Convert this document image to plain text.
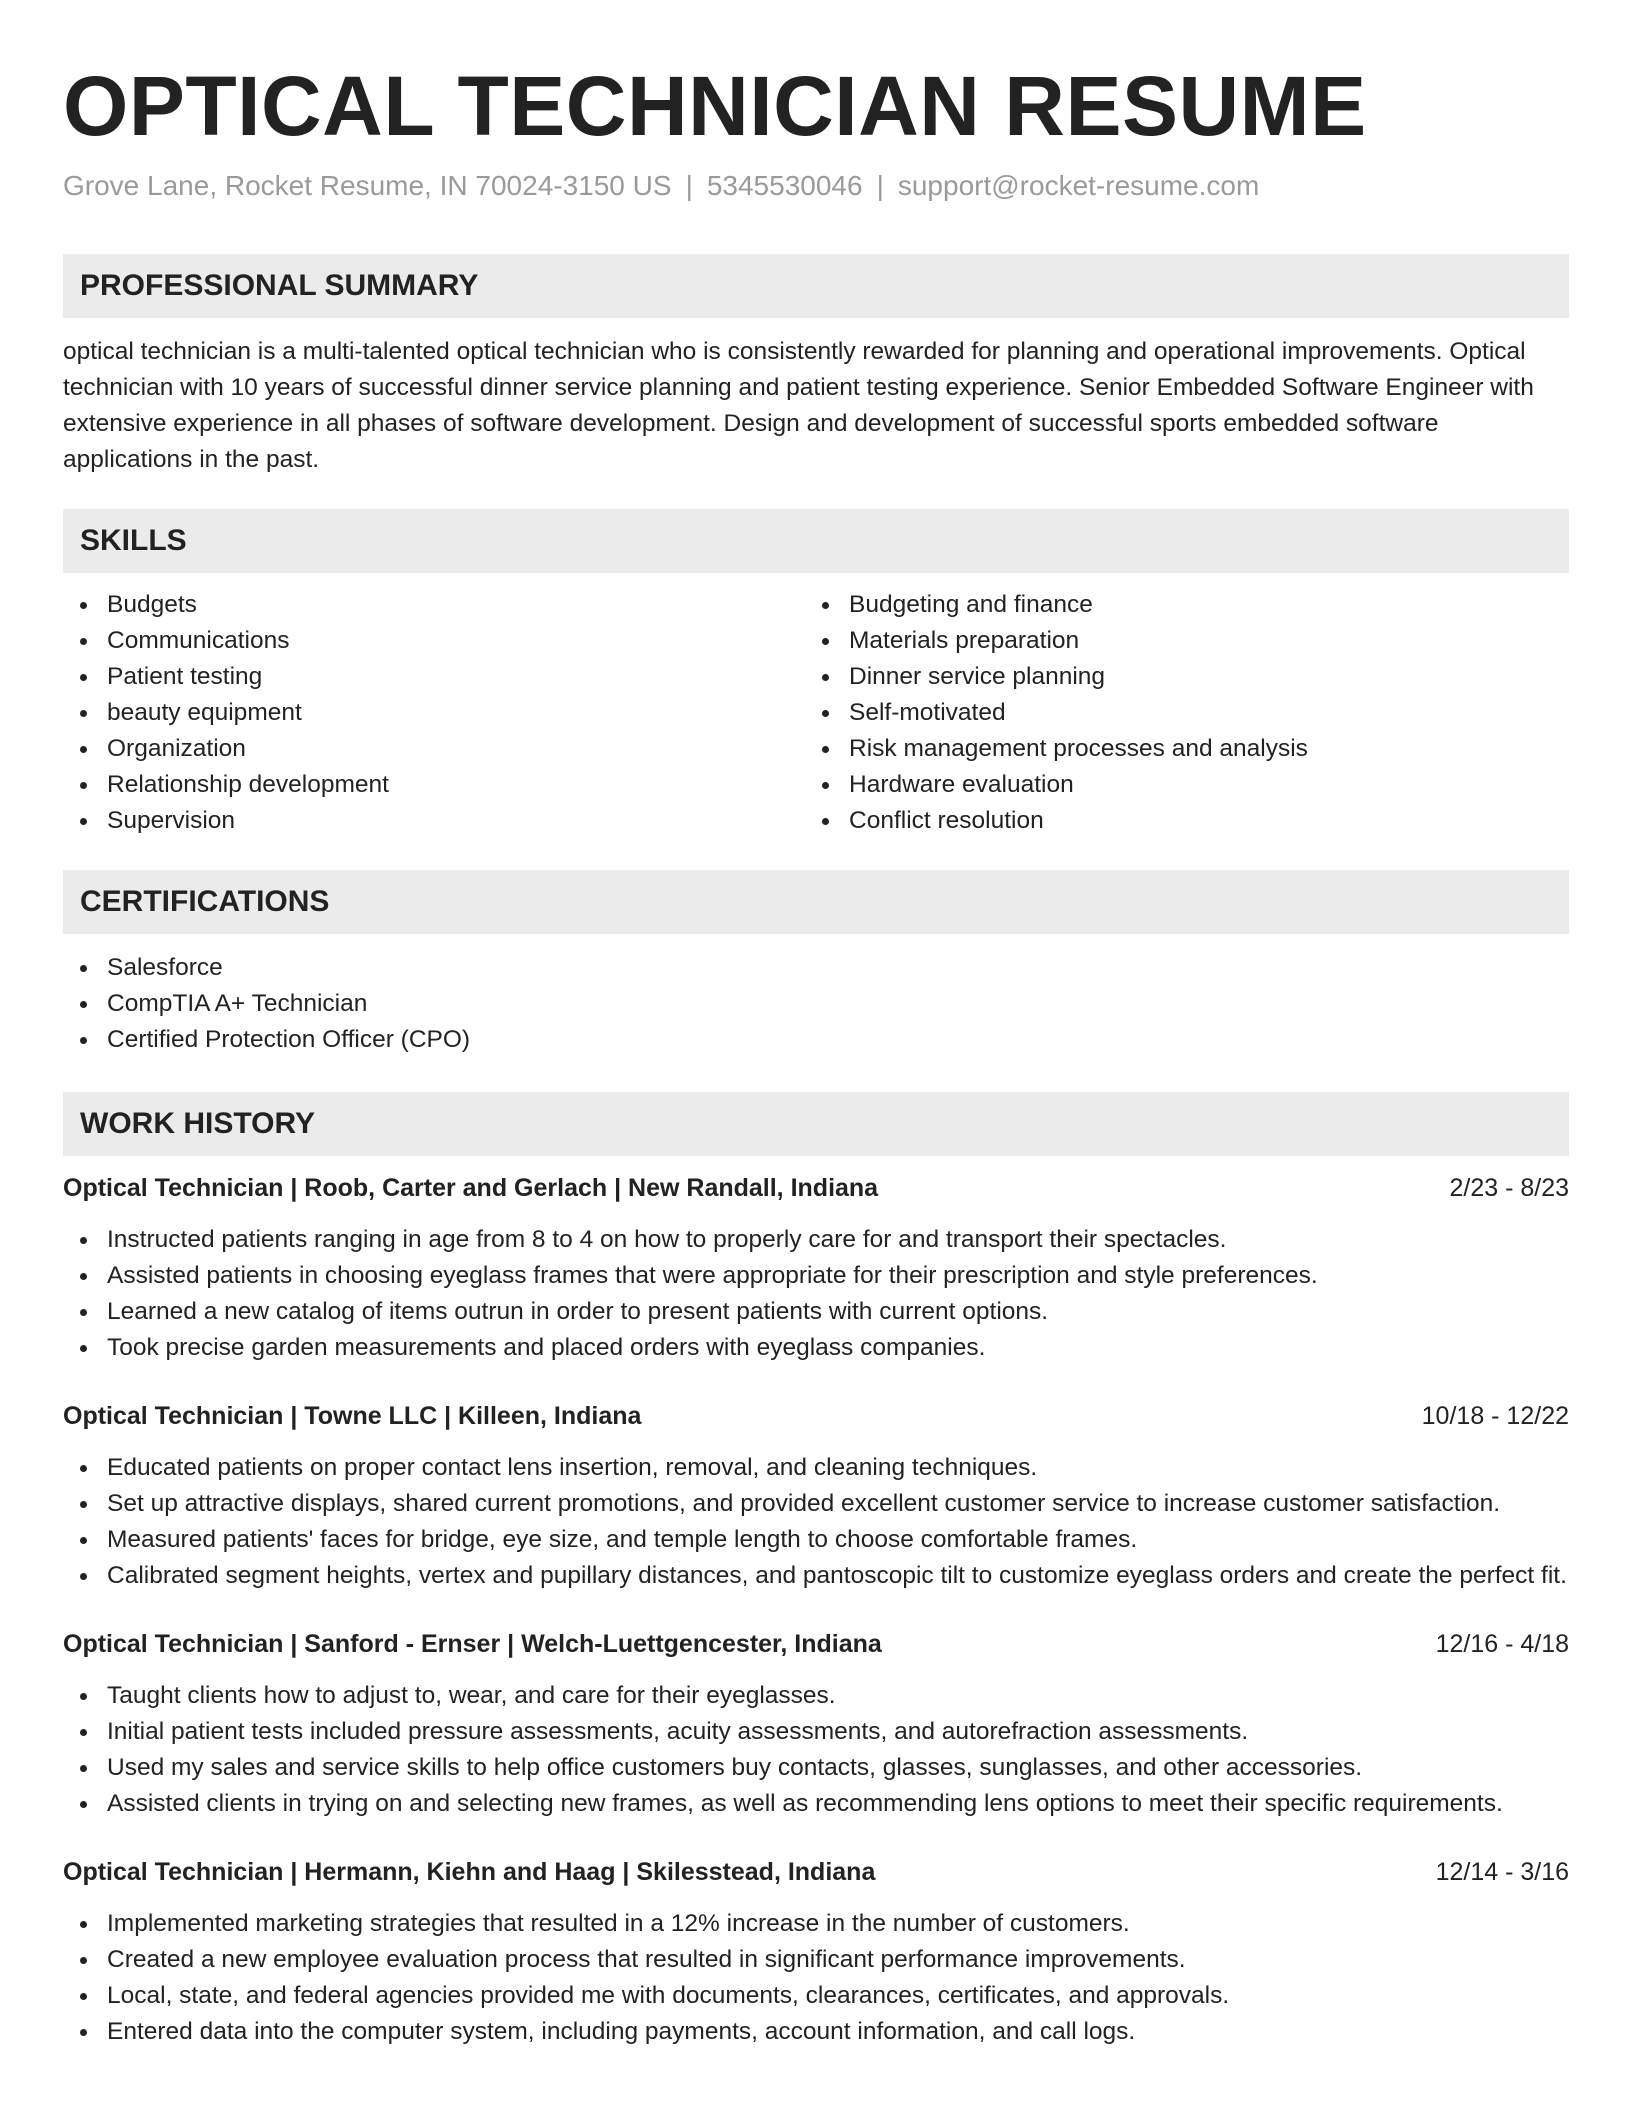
OPTICAL TECHNICIAN RESUME
Grove Lane, Rocket Resume, IN 70024-3150 US | 5345530046 | support@rocket-resume.com
PROFESSIONAL SUMMARY
optical technician is a multi-talented optical technician who is consistently rewarded for planning and operational improvements. Optical technician with 10 years of successful dinner service planning and patient testing experience. Senior Embedded Software Engineer with extensive experience in all phases of software development. Design and development of successful sports embedded software applications in the past.
SKILLS
Budgets
Communications
Patient testing
beauty equipment
Organization
Relationship development
Supervision
Budgeting and finance
Materials preparation
Dinner service planning
Self-motivated
Risk management processes and analysis
Hardware evaluation
Conflict resolution
CERTIFICATIONS
Salesforce
CompTIA A+ Technician
Certified Protection Officer (CPO)
WORK HISTORY
Optical Technician | Roob, Carter and Gerlach | New Randall, Indiana	2/23 - 8/23
Instructed patients ranging in age from 8 to 4 on how to properly care for and transport their spectacles.
Assisted patients in choosing eyeglass frames that were appropriate for their prescription and style preferences.
Learned a new catalog of items outrun in order to present patients with current options.
Took precise garden measurements and placed orders with eyeglass companies.
Optical Technician | Towne LLC | Killeen, Indiana	10/18 - 12/22
Educated patients on proper contact lens insertion, removal, and cleaning techniques.
Set up attractive displays, shared current promotions, and provided excellent customer service to increase customer satisfaction.
Measured patients' faces for bridge, eye size, and temple length to choose comfortable frames.
Calibrated segment heights, vertex and pupillary distances, and pantoscopic tilt to customize eyeglass orders and create the perfect fit.
Optical Technician | Sanford - Ernser | Welch-Luettgencester, Indiana	12/16 - 4/18
Taught clients how to adjust to, wear, and care for their eyeglasses.
Initial patient tests included pressure assessments, acuity assessments, and autorefraction assessments.
Used my sales and service skills to help office customers buy contacts, glasses, sunglasses, and other accessories.
Assisted clients in trying on and selecting new frames, as well as recommending lens options to meet their specific requirements.
Optical Technician | Hermann, Kiehn and Haag | Skilesstead, Indiana	12/14 - 3/16
Implemented marketing strategies that resulted in a 12% increase in the number of customers.
Created a new employee evaluation process that resulted in significant performance improvements.
Local, state, and federal agencies provided me with documents, clearances, certificates, and approvals.
Entered data into the computer system, including payments, account information, and call logs.
